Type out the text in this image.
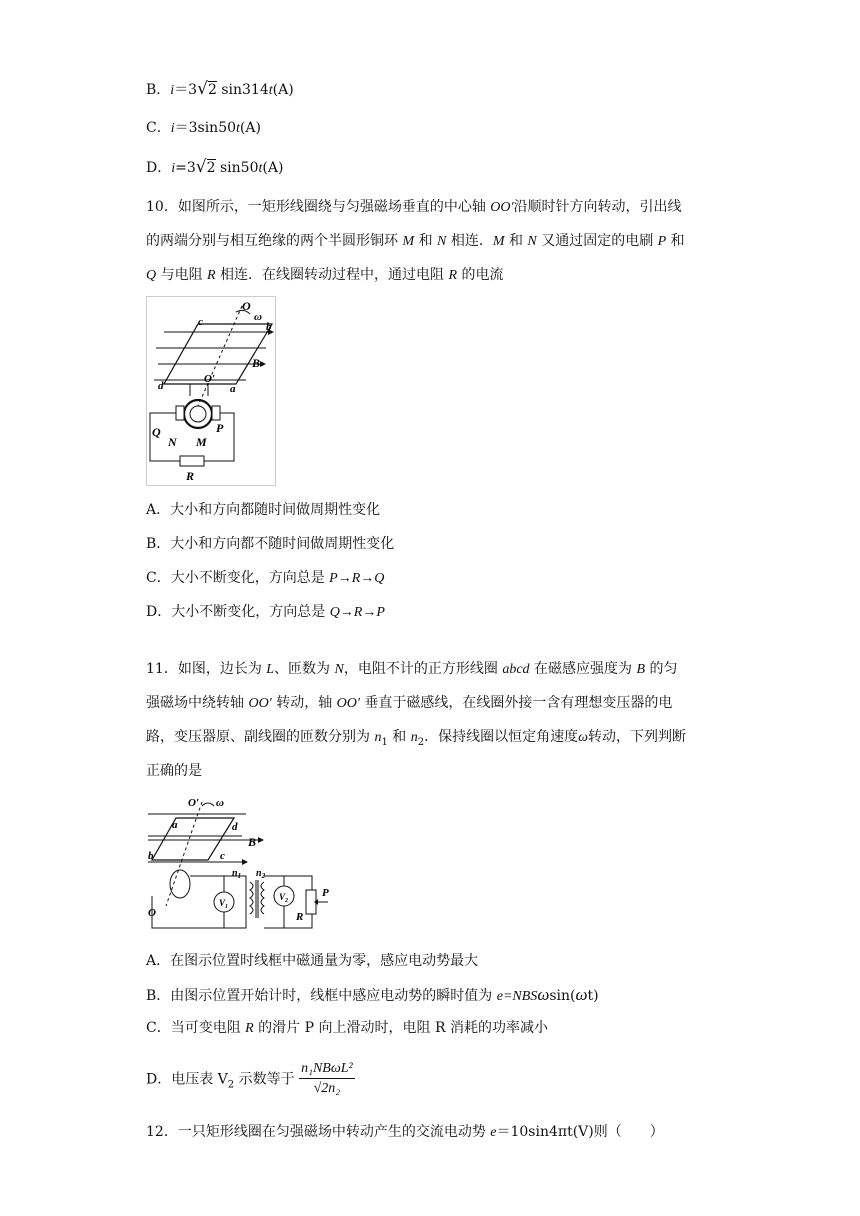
B．i＝3√2 sin314t(A)
C．i＝3sin50t(A)
D．i=3√2 sin50t(A)
10．如图所示，一矩形线圈绕与匀强磁场垂直的中心轴 OO′沿顺时针方向转动，引出线
的两端分别与相互绝缘的两个半圆形铜环 M 和 N 相连．M 和 N 又通过固定的电刷 P 和
Q 与电阻 R 相连．在线圈转动过程中，通过电阻 R 的电流
O
ω
c	b
B
O′
d	a
Q
N M
P
R
A．大小和方向都随时间做周期性变化
B．大小和方向都不随时间做周期性变化
C．大小不断变化，方向总是 P→R→Q
D．大小不断变化，方向总是 Q→R→P
11．如图，边长为 L、匝数为 N，电阻不计的正方形线圈 abcd 在磁感应强度为 B 的匀
强磁场中绕转轴 OO′ 转动，轴 OO′ 垂直于磁感线，在线圈外接一含有理想变压器的电
路，变压器原、副线圈的匝数分别为 $n_1$ 和 $n_2$．保持线圈以恒定角速度ω转动，下列判断
正确的是
O′ ω
a	d
B
b	c
$n_1$ $n_2$
O
$V_1$
$V_2$
R
P
A．在图示位置时线框中磁通量为零，感应电动势最大
B．由图示位置开始计时，线框中感应电动势的瞬时值为 e=NBSωsin(ωt)
C．当可变电阻 R 的滑片 P 向上滑动时，电阻 R 消耗的功率减小
D．电压表 $V_2$ 示数等于 $\frac{\text{n₁NBωL²}}{\text{√2n₂}}$
12．一只矩形线圈在匀强磁场中转动产生的交流电动势 e＝10sin4πt(V)则（　　）
